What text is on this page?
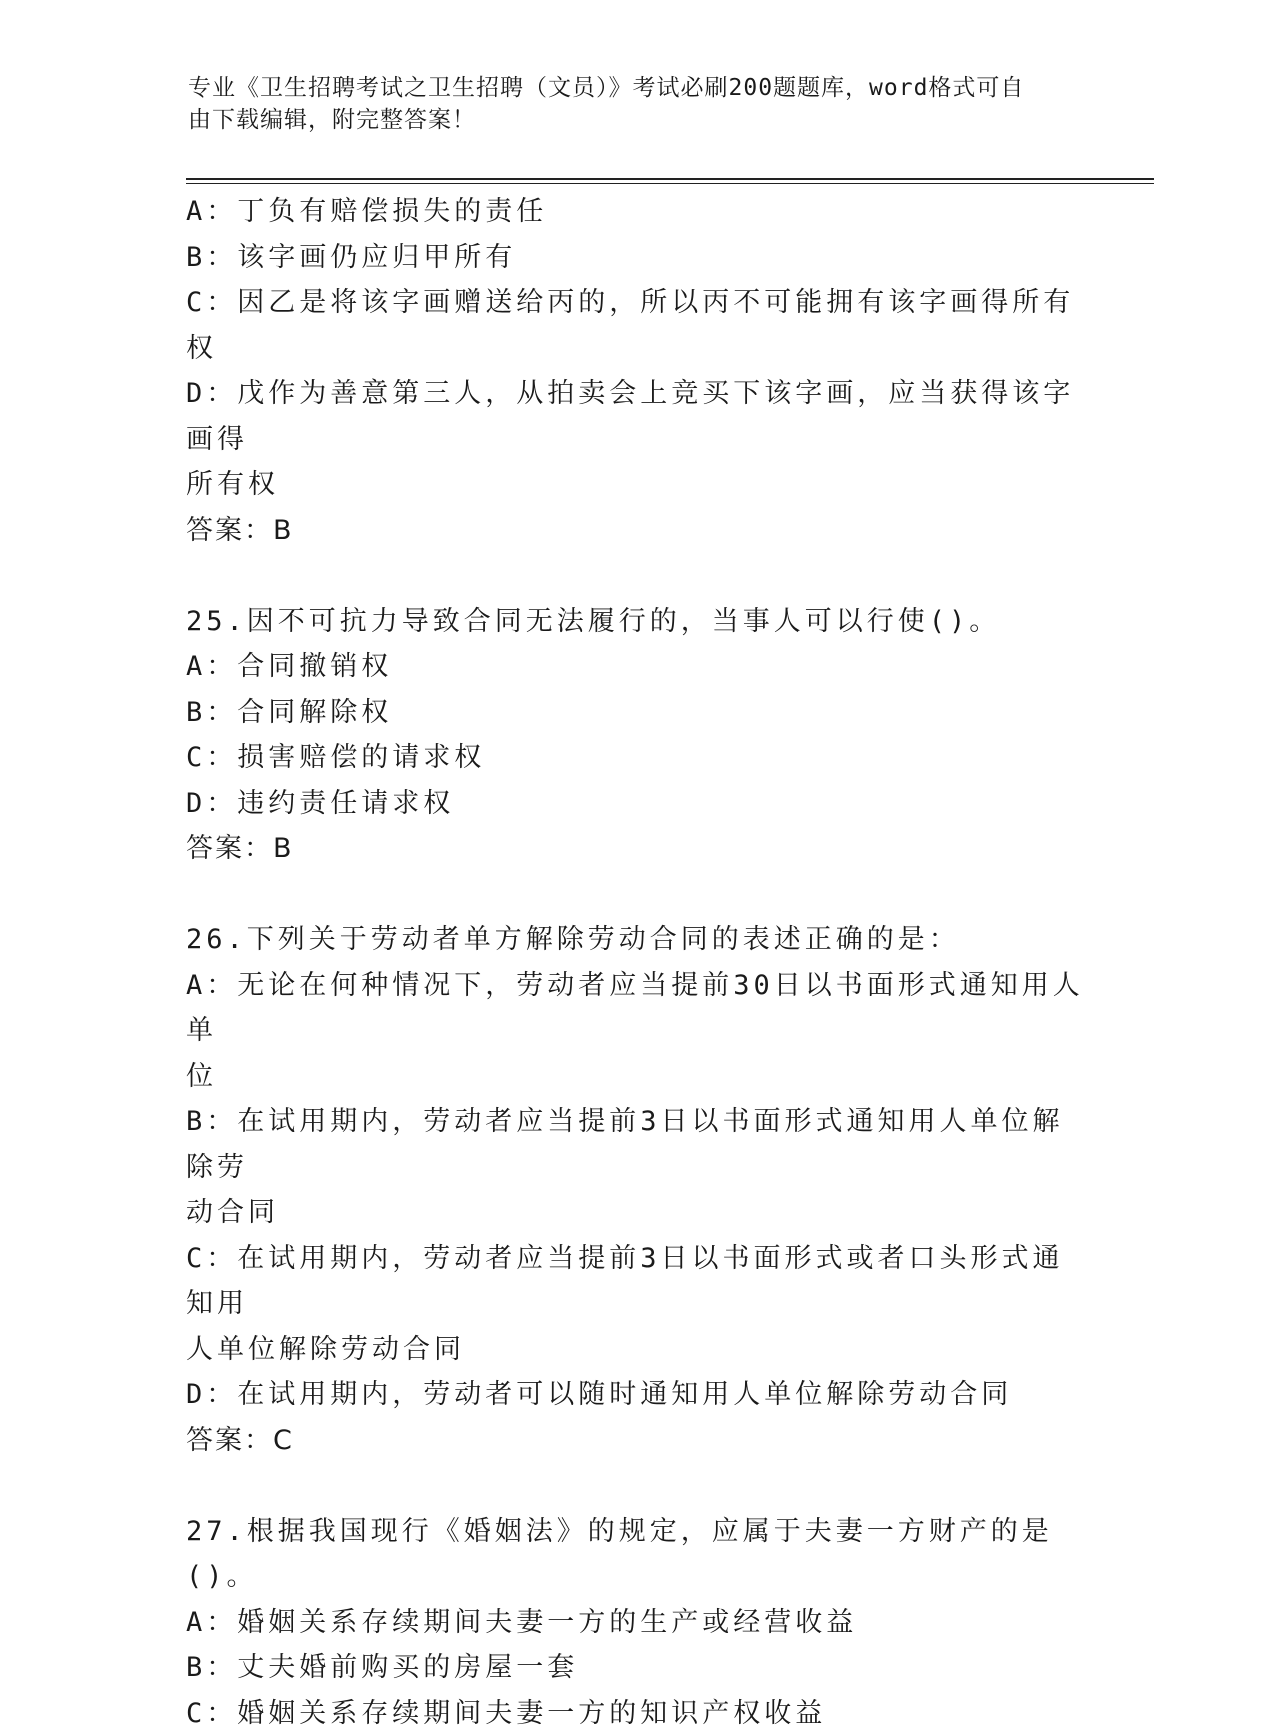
专业《卫生招聘考试之卫生招聘（文员）》考试必刷200题题库，word格式可自
由下载编辑，附完整答案！
A：丁负有赔偿损失的责任
B：该字画仍应归甲所有
C：因乙是将该字画赠送给丙的，所以丙不可能拥有该字画得所有权
D：戊作为善意第三人，从拍卖会上竞买下该字画，应当获得该字画得
所有权
答案：B
25.因不可抗力导致合同无法履行的，当事人可以行使()。
A：合同撤销权
B：合同解除权
C：损害赔偿的请求权
D：违约责任请求权
答案：B
26.下列关于劳动者单方解除劳动合同的表述正确的是：
A：无论在何种情况下，劳动者应当提前30日以书面形式通知用人单
位
B：在试用期内，劳动者应当提前3日以书面形式通知用人单位解除劳
动合同
C：在试用期内，劳动者应当提前3日以书面形式或者口头形式通知用
人单位解除劳动合同
D：在试用期内，劳动者可以随时通知用人单位解除劳动合同
答案：C
27.根据我国现行《婚姻法》的规定，应属于夫妻一方财产的是()。
A：婚姻关系存续期间夫妻一方的生产或经营收益
B：丈夫婚前购买的房屋一套
C：婚姻关系存续期间夫妻一方的知识产权收益
